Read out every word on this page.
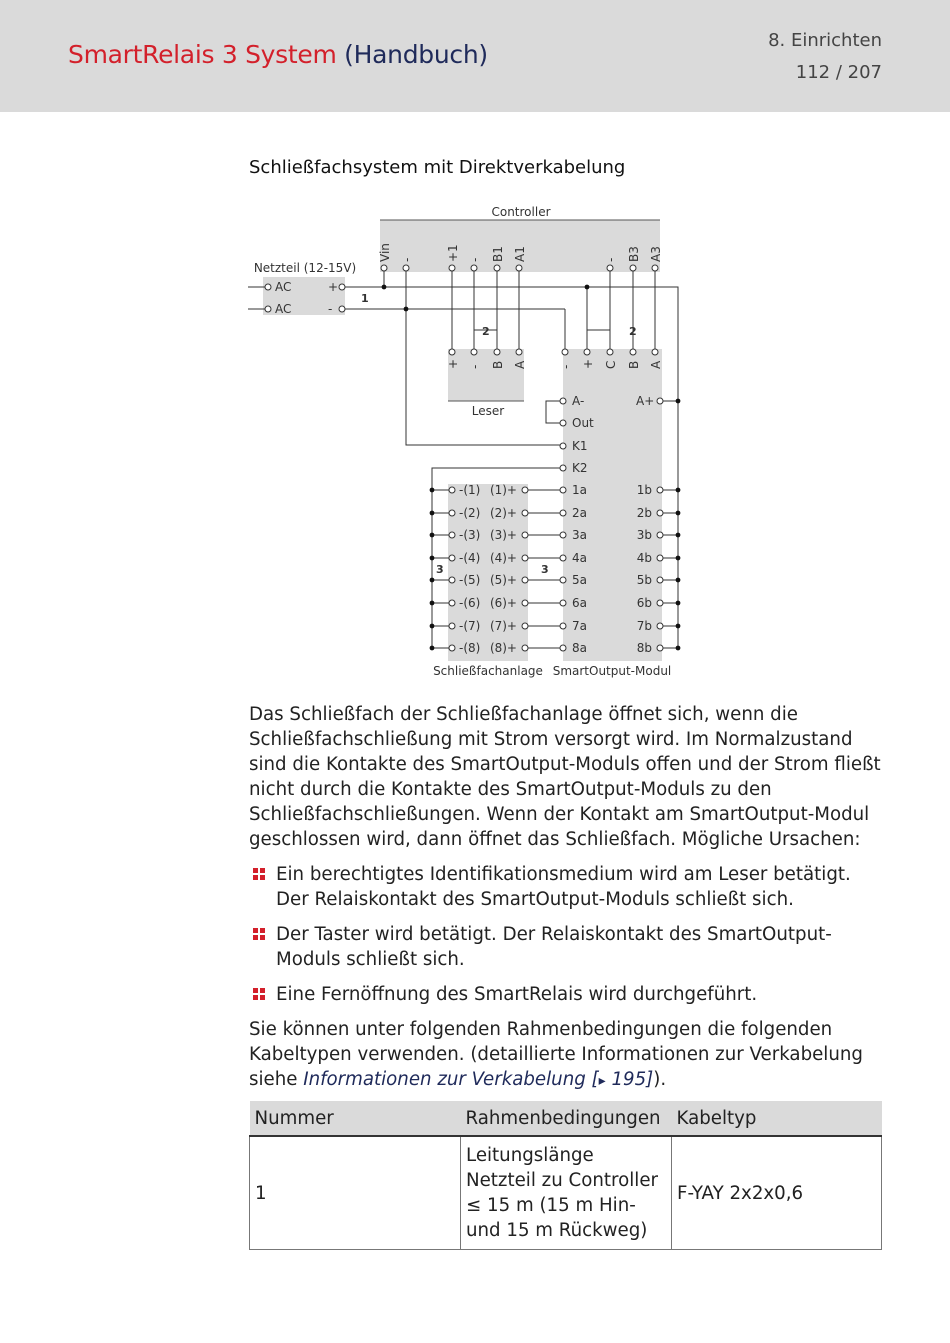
SmartRelais 3 System (Handbuch)	8. Einrichten
112 / 207
Schließfachsystem mit Direktverkabelung
Controller
Netzteil (12-15V)
AC	+
AC	-
1
2	2
3	3
Leser
A+
Schließfachanlage SmartOutput-Modul
Vin -	+1 - B1 A1	- B3 A3
+ - B A	- + C B A
A-
Out
K1
K2
-(1) (1)+	1a	1b
-(2) (2)+	2a	2b
-(3) (3)+	3a	3b
-(4) (4)+	4a	4b
-(5) (5)+	5a	5b
-(6) (6)+	6a	6b
-(7) (7)+	7a	7b
-(8) (8)+	8a	8b
Das Schließfach der Schließfachanlage öffnet sich, wenn die Schließfachschließung mit Strom versorgt wird. Im Normalzustand sind die Kontakte des SmartOutput-Moduls offen und der Strom fließt nicht durch die Kontakte des SmartOutput-Moduls zu den Schließfachschließungen. Wenn der Kontakt am SmartOutput-Modul geschlossen wird, dann öffnet das Schließfach. Mögliche Ursachen:
Ein berechtigtes Identifikationsmedium wird am Leser betätigt. Der Relaiskontakt des SmartOutput-Moduls schließt sich.
Der Taster wird betätigt. Der Relaiskontakt des SmartOutput-Moduls schließt sich.
Eine Fernöffnung des SmartRelais wird durchgeführt.
Sie können unter folgenden Rahmenbedingungen die folgenden Kabeltypen verwenden. (detaillierte Informationen zur Verkabelung siehe Informationen zur Verkabelung [▸ 195]).
Nummer	Rahmenbedingungen	Kabeltyp
1	Leitungslänge Netzteil zu Controller ≤ 15 m (15 m Hin- und 15 m Rückweg)	F-YAY 2x2x0,6
